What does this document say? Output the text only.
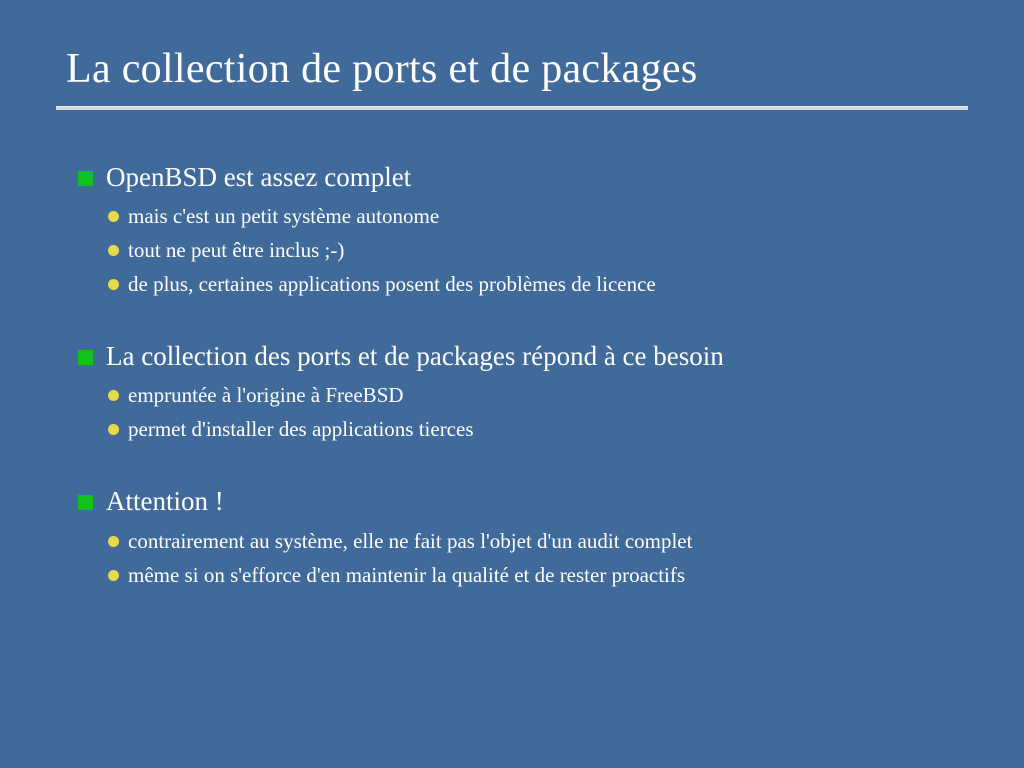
La collection de ports et de packages
OpenBSD est assez complet
mais c'est un petit système autonome
tout ne peut être inclus ;-)
de plus, certaines applications posent des problèmes de licence
La collection des ports et de packages répond à ce besoin
empruntée à l'origine à FreeBSD
permet d'installer des applications tierces
Attention !
contrairement au système, elle ne fait pas l'objet d'un audit complet
même si on s'efforce d'en maintenir la qualité et de rester proactifs
